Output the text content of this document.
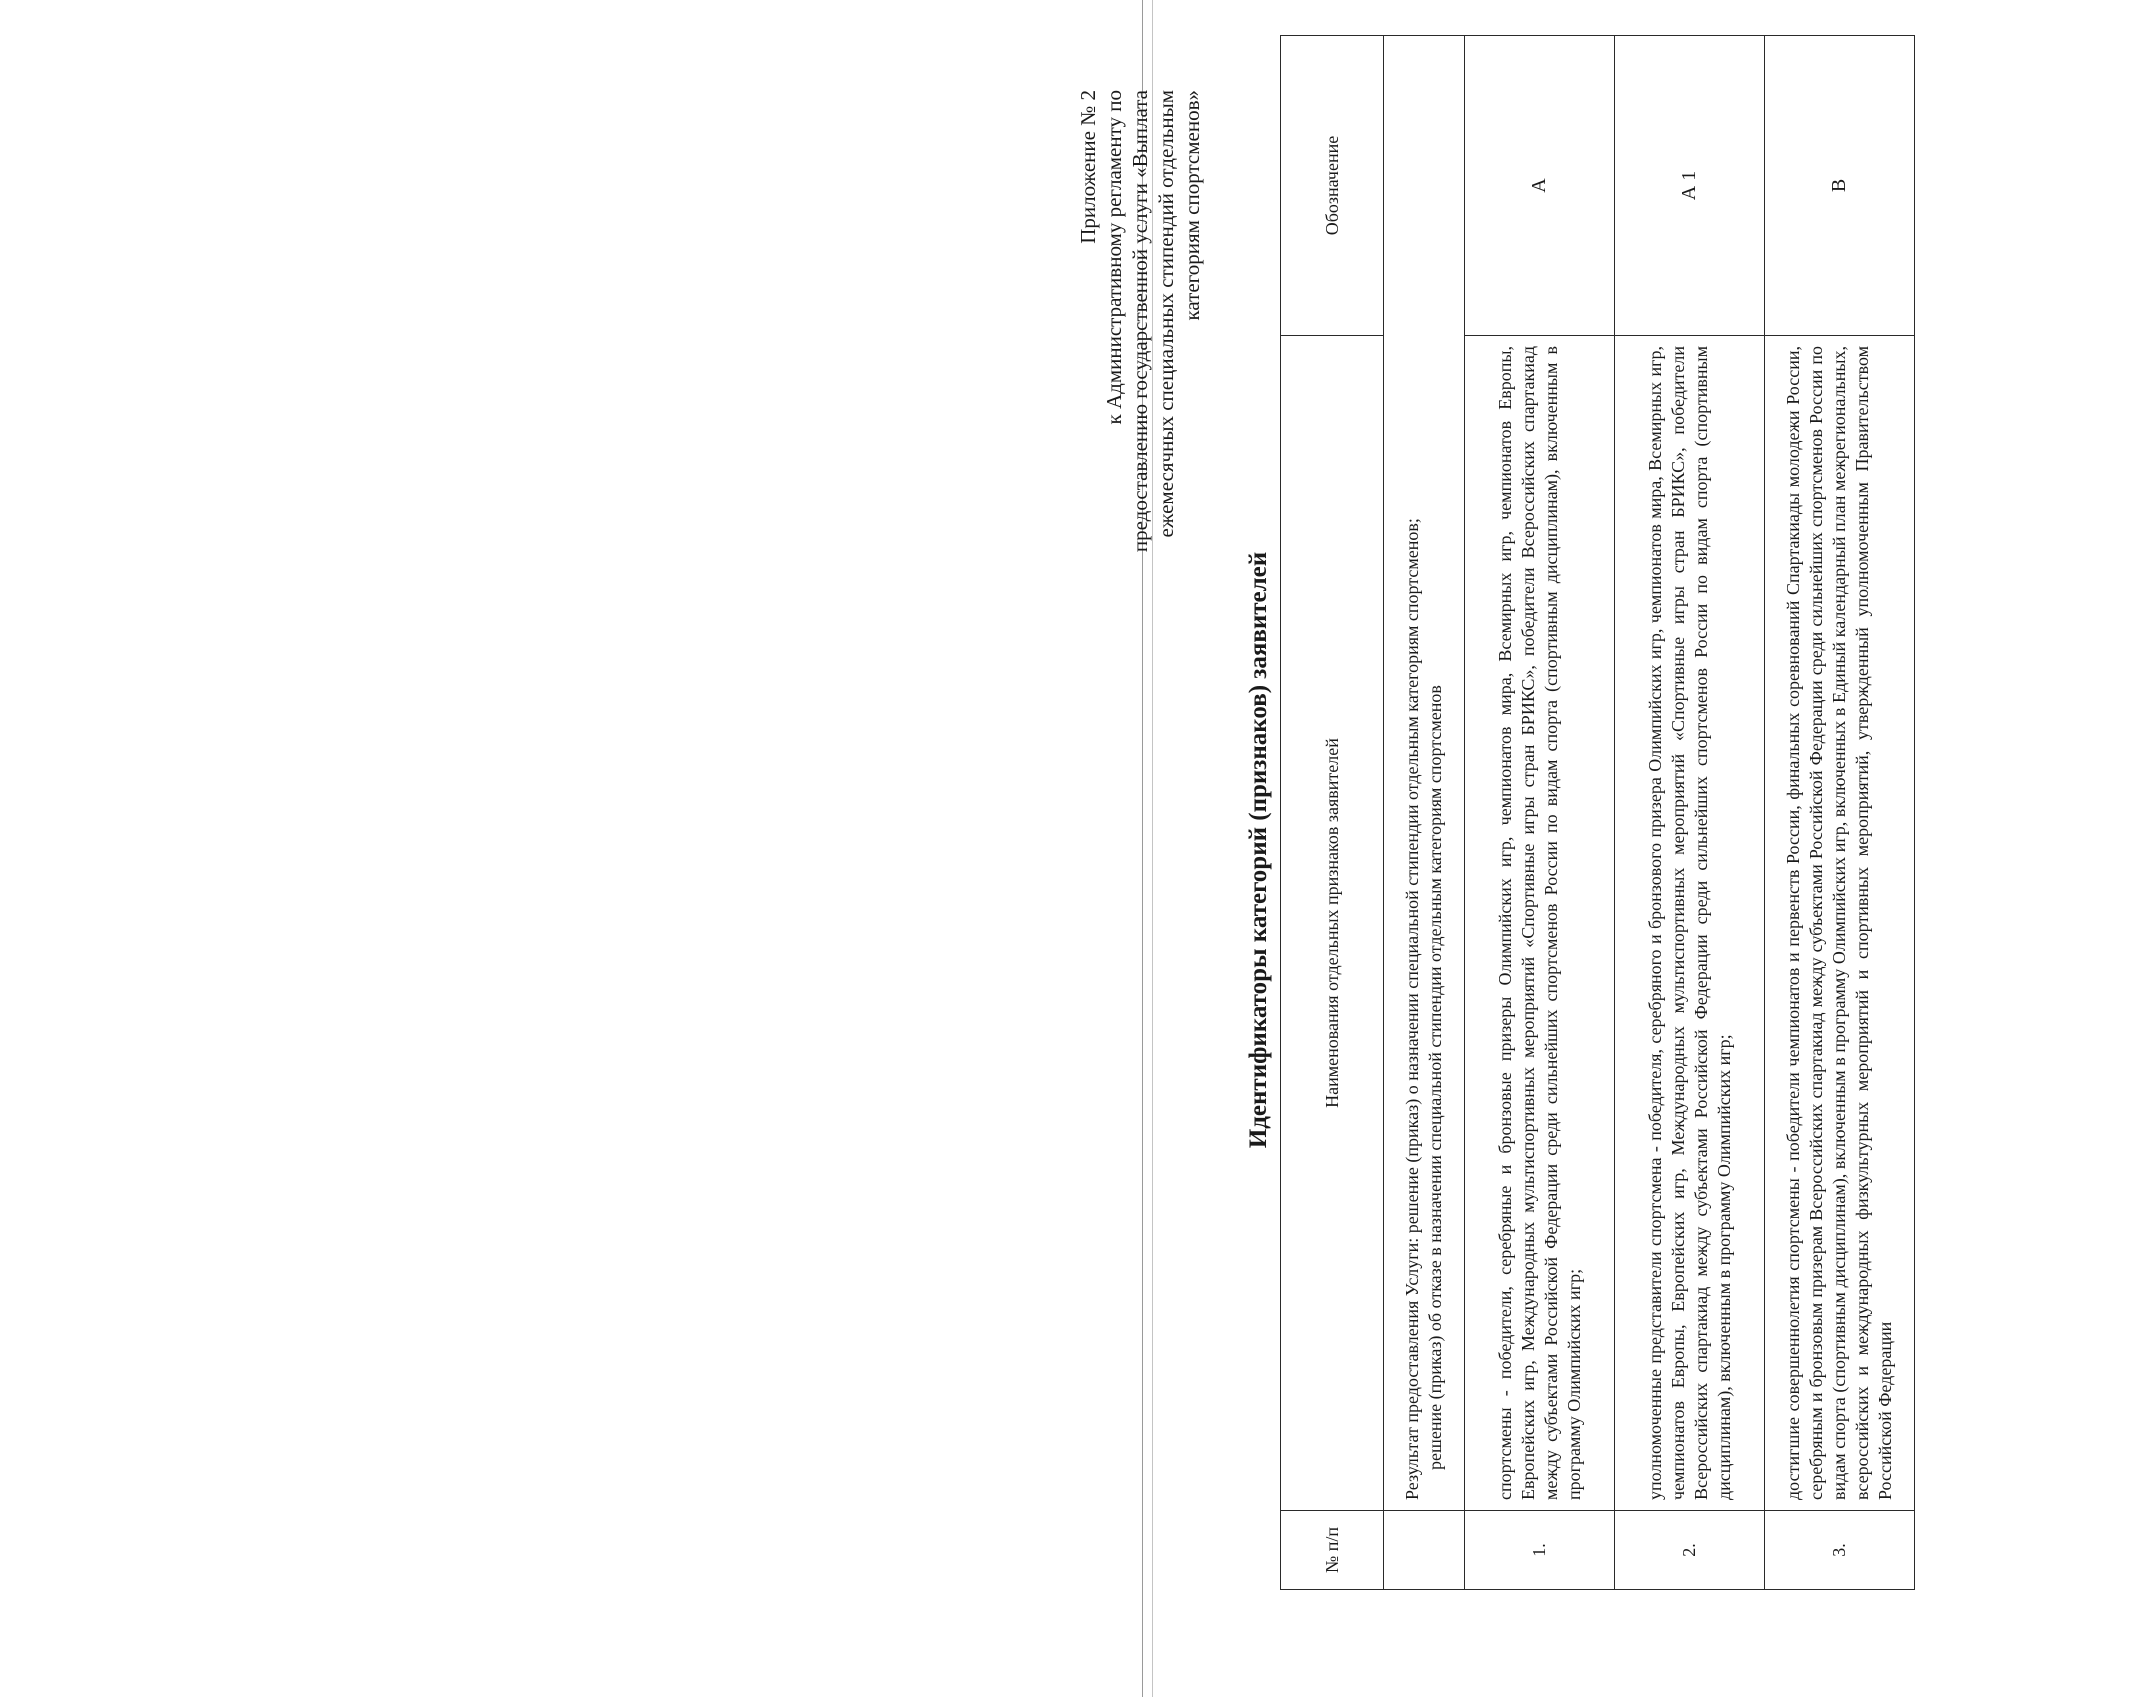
Приложение № 2 к Административному регламенту по предоставлению государственной услуги «Выплата ежемесячных специальных стипендий отдельным категориям спортсменов»
Идентификаторы категорий (признаков) заявителей
№ п/п	Наименования отдельных признаков заявителей	Обозначение

	Результат предоставления Услуги: решение (приказ) о назначении специальной стипендии отдельным категориям спортсменов; решение (приказ) об отказе в назначении специальной стипендии отдельным категориям спортсменов	

1.	спортсмены - победители, серебряные и бронзовые призеры Олимпийских игр, чемпионатов мира, Всемирных игр, чемпионатов Европы, Европейских игр, Международных мультиспортивных мероприятий «Спортивные игры стран БРИКС», победители Всероссийских спартакиад между субъектами Российской Федерации среди сильнейших спортсменов России по видам спорта (спортивным дисциплинам), включенным в программу Олимпийских игр;	А
2.	уполномоченные представители спортсмена - победителя, серебряного и бронзового призера Олимпийских игр, чемпионатов мира, Всемирных игр, чемпионатов Европы, Европейских игр, Международных мультиспортивных мероприятий «Спортивные игры стран БРИКС», победители Всероссийских спартакиад между субъектами Российской Федерации среди сильнейших спортсменов России по видам спорта (спортивным дисциплинам), включенным в программу Олимпийских игр;	А 1
3.	достигшие совершеннолетия спортсмены - победители чемпионатов и первенств России, финальных соревнований Спартакиады молодежи России, серебряным и бронзовым призерам Всероссийских спартакиад между субъектами Российской Федерации среди сильнейших спортсменов России по видам спорта (спортивным дисциплинам), включенным в программу Олимпийских игр, включенных в Единый календарный план межрегиональных, всероссийских и международных физкультурных мероприятий и спортивных мероприятий, утвержденный уполномоченным Правительством Российской Федерации	В
